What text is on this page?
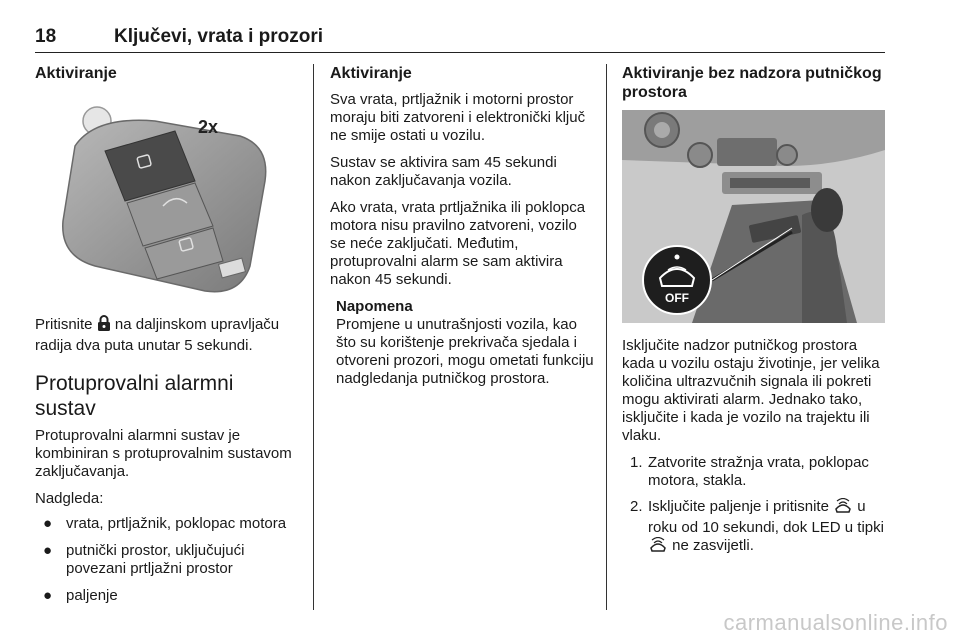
18	Ključevi, vrata i prozori
Aktiviranje
2x

Pritisnite na daljinskom upravljaču radija dva puta unutar 5 sekundi.

Protuprovalni alarmni sustav

Protuprovalni alarmni sustav je kombiniran s protuprovalnim sustavom zaključavanja.

Nadgleda:

● vrata, prtljažnik, poklopac motora
● putnički prostor, uključujući povezani prtljažni prostor
● paljenje
Aktiviranje

Sva vrata, prtljažnik i motorni prostor moraju biti zatvoreni i elektronički ključ ne smije ostati u vozilu.

Sustav se aktivira sam 45 sekundi nakon zaključavanja vozila.

Ako vrata, vrata prtljažnika ili poklopca motora nisu pravilno zatvoreni, vozilo se neće zaključati. Međutim, protuprovalni alarm se sam aktivira nakon 45 sekundi.

Napomena

Promjene u unutrašnjosti vozila, kao što su korištenje prekrivača sjedala i otvoreni prozori, mogu ometati funkciju nadgledanja putničkog prostora.

Aktiviranje bez nadzora putničkog prostora
OFF

Isključite nadzor putničkog prostora kada u vozilu ostaju životinje, jer velika količina ultrazvučnih signala ili pokreti mogu aktivirati alarm. Jednako tako, isključite i kada je vozilo na trajektu ili vlaku.

1. Zatvorite stražnja vrata, poklopac motora, stakla.
2. Isključite paljenje i pritisnite u roku od 10 sekundi, dok LED u tipki  ne zasvijetli.
carmanualsonline.info
